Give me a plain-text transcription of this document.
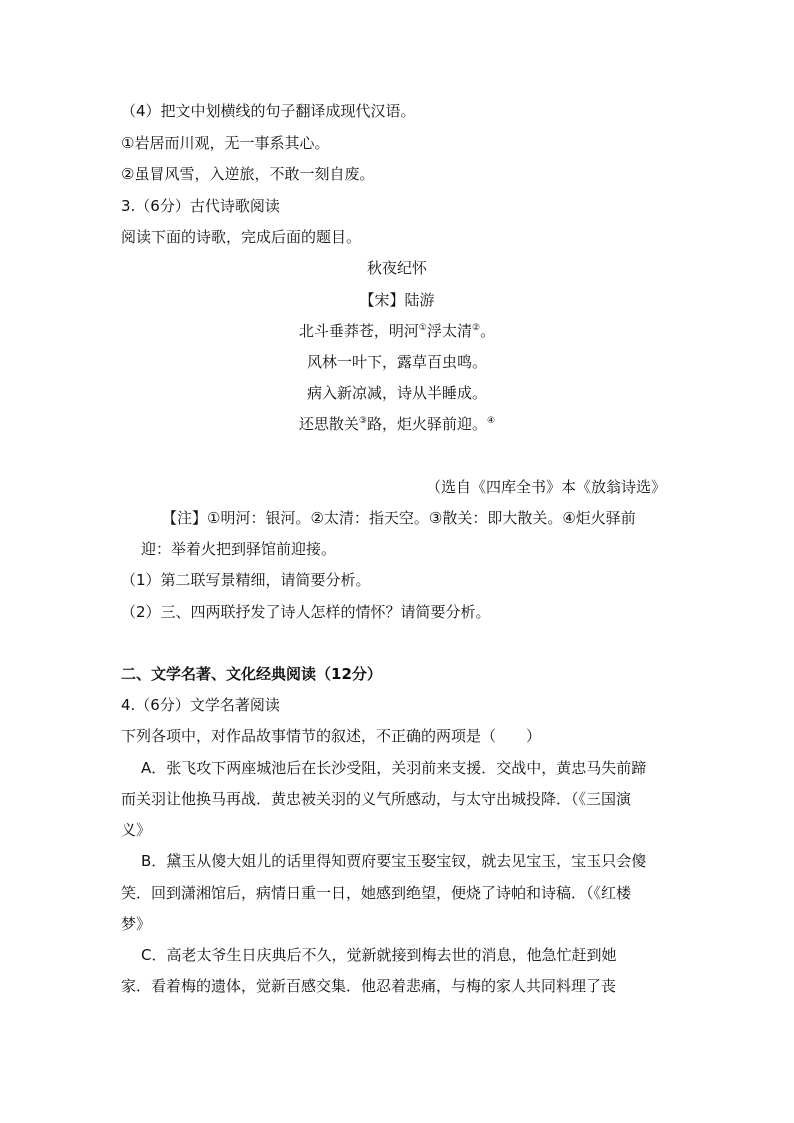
（4）把文中划横线的句子翻译成现代汉语。
①岩居而川观，无一事系其心。
②虽冒风雪，入逆旅，不敢一刻自废。
3.（6分）古代诗歌阅读
阅读下面的诗歌，完成后面的题目。
秋夜纪怀
【宋】陆游
北斗垂莽苍，明河①浮太清②。
风林一叶下，露草百虫鸣。
病入新凉减，诗从半睡成。
还思散关③路，炬火驿前迎。④
（选自《四库全书》本《放翁诗选》
【注】①明河：银河。②太清：指天空。③散关：即大散关。④炬火驿前
迎：举着火把到驿馆前迎接。
（1）第二联写景精细，请简要分析。
（2）三、四两联抒发了诗人怎样的情怀？请简要分析。
二、文学名著、文化经典阅读（12分）
4.（6分）文学名著阅读
下列各项中，对作品故事情节的叙述，不正确的两项是（　　）
A．张飞攻下两座城池后在长沙受阻，关羽前来支援．交战中，黄忠马失前蹄
而关羽让他换马再战．黄忠被关羽的义气所感动，与太守出城投降．（《三国演
义》
B．黛玉从傻大姐儿的话里得知贾府要宝玉娶宝钗，就去见宝玉，宝玉只会傻
笑．回到潇湘馆后，病情日重一日，她感到绝望，便烧了诗帕和诗稿．（《红楼
梦》
C．高老太爷生日庆典后不久，觉新就接到梅去世的消息，他急忙赶到她
家．看着梅的遗体，觉新百感交集．他忍着悲痛，与梅的家人共同料理了丧
